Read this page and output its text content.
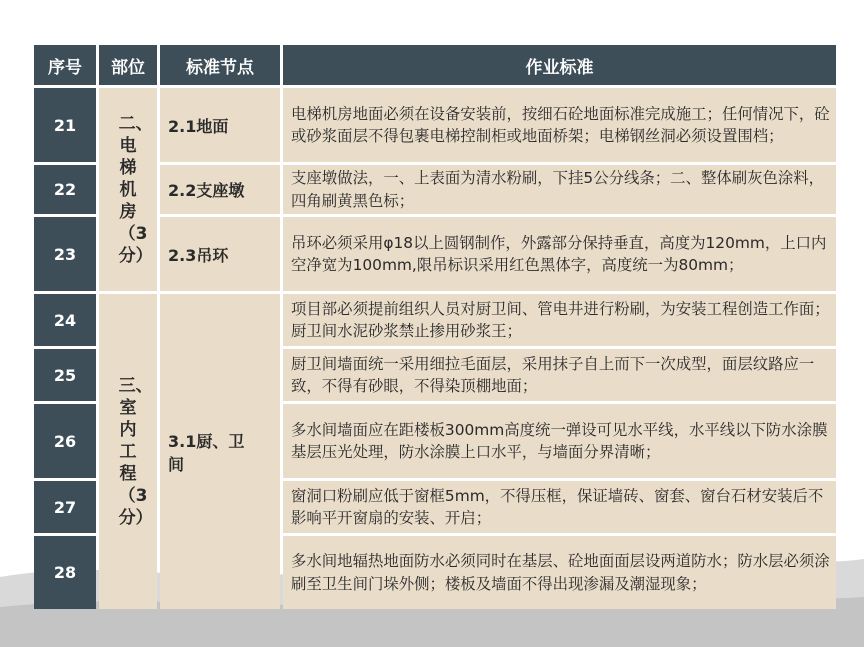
序号	部位	标准节点	作业标准
21	二、电梯机房（3分）	2.1地面	电梯机房地面必须在设备安装前，按细石砼地面标准完成施工；任何情况下，砼或砂浆面层不得包裹电梯控制柜或地面桥架；电梯钢丝洞必须设置围档；
22		2.2支座墩	支座墩做法，一、上表面为清水粉刷，下挂5公分线条；二、整体刷灰色涂料，四角刷黄黑色标；
23		2.3吊环	吊环必须采用φ18以上圆钢制作，外露部分保持垂直，高度为120mm，上口内空净宽为100mm,限吊标识采用红色黑体字，高度统一为80mm；
24	三、室内工程（3分）	3.1厨、卫间	项目部必须提前组织人员对厨卫间、管电井进行粉刷，为安装工程创造工作面；厨卫间水泥砂浆禁止掺用砂浆王；
25			厨卫间墙面统一采用细拉毛面层，采用抹子自上而下一次成型，面层纹路应一致，不得有砂眼，不得染顶棚地面；
26			多水间墙面应在距楼板300mm高度统一弹设可见水平线，水平线以下防水涂膜基层压光处理，防水涂膜上口水平，与墙面分界清晰；
27			窗洞口粉刷应低于窗框5mm，不得压框，保证墙砖、窗套、窗台石材安装后不影响平开窗扇的安装、开启；
28			多水间地辐热地面防水必须同时在基层、砼地面面层设两道防水；防水层必须涂刷至卫生间门垛外侧；楼板及墙面不得出现渗漏及潮湿现象；
